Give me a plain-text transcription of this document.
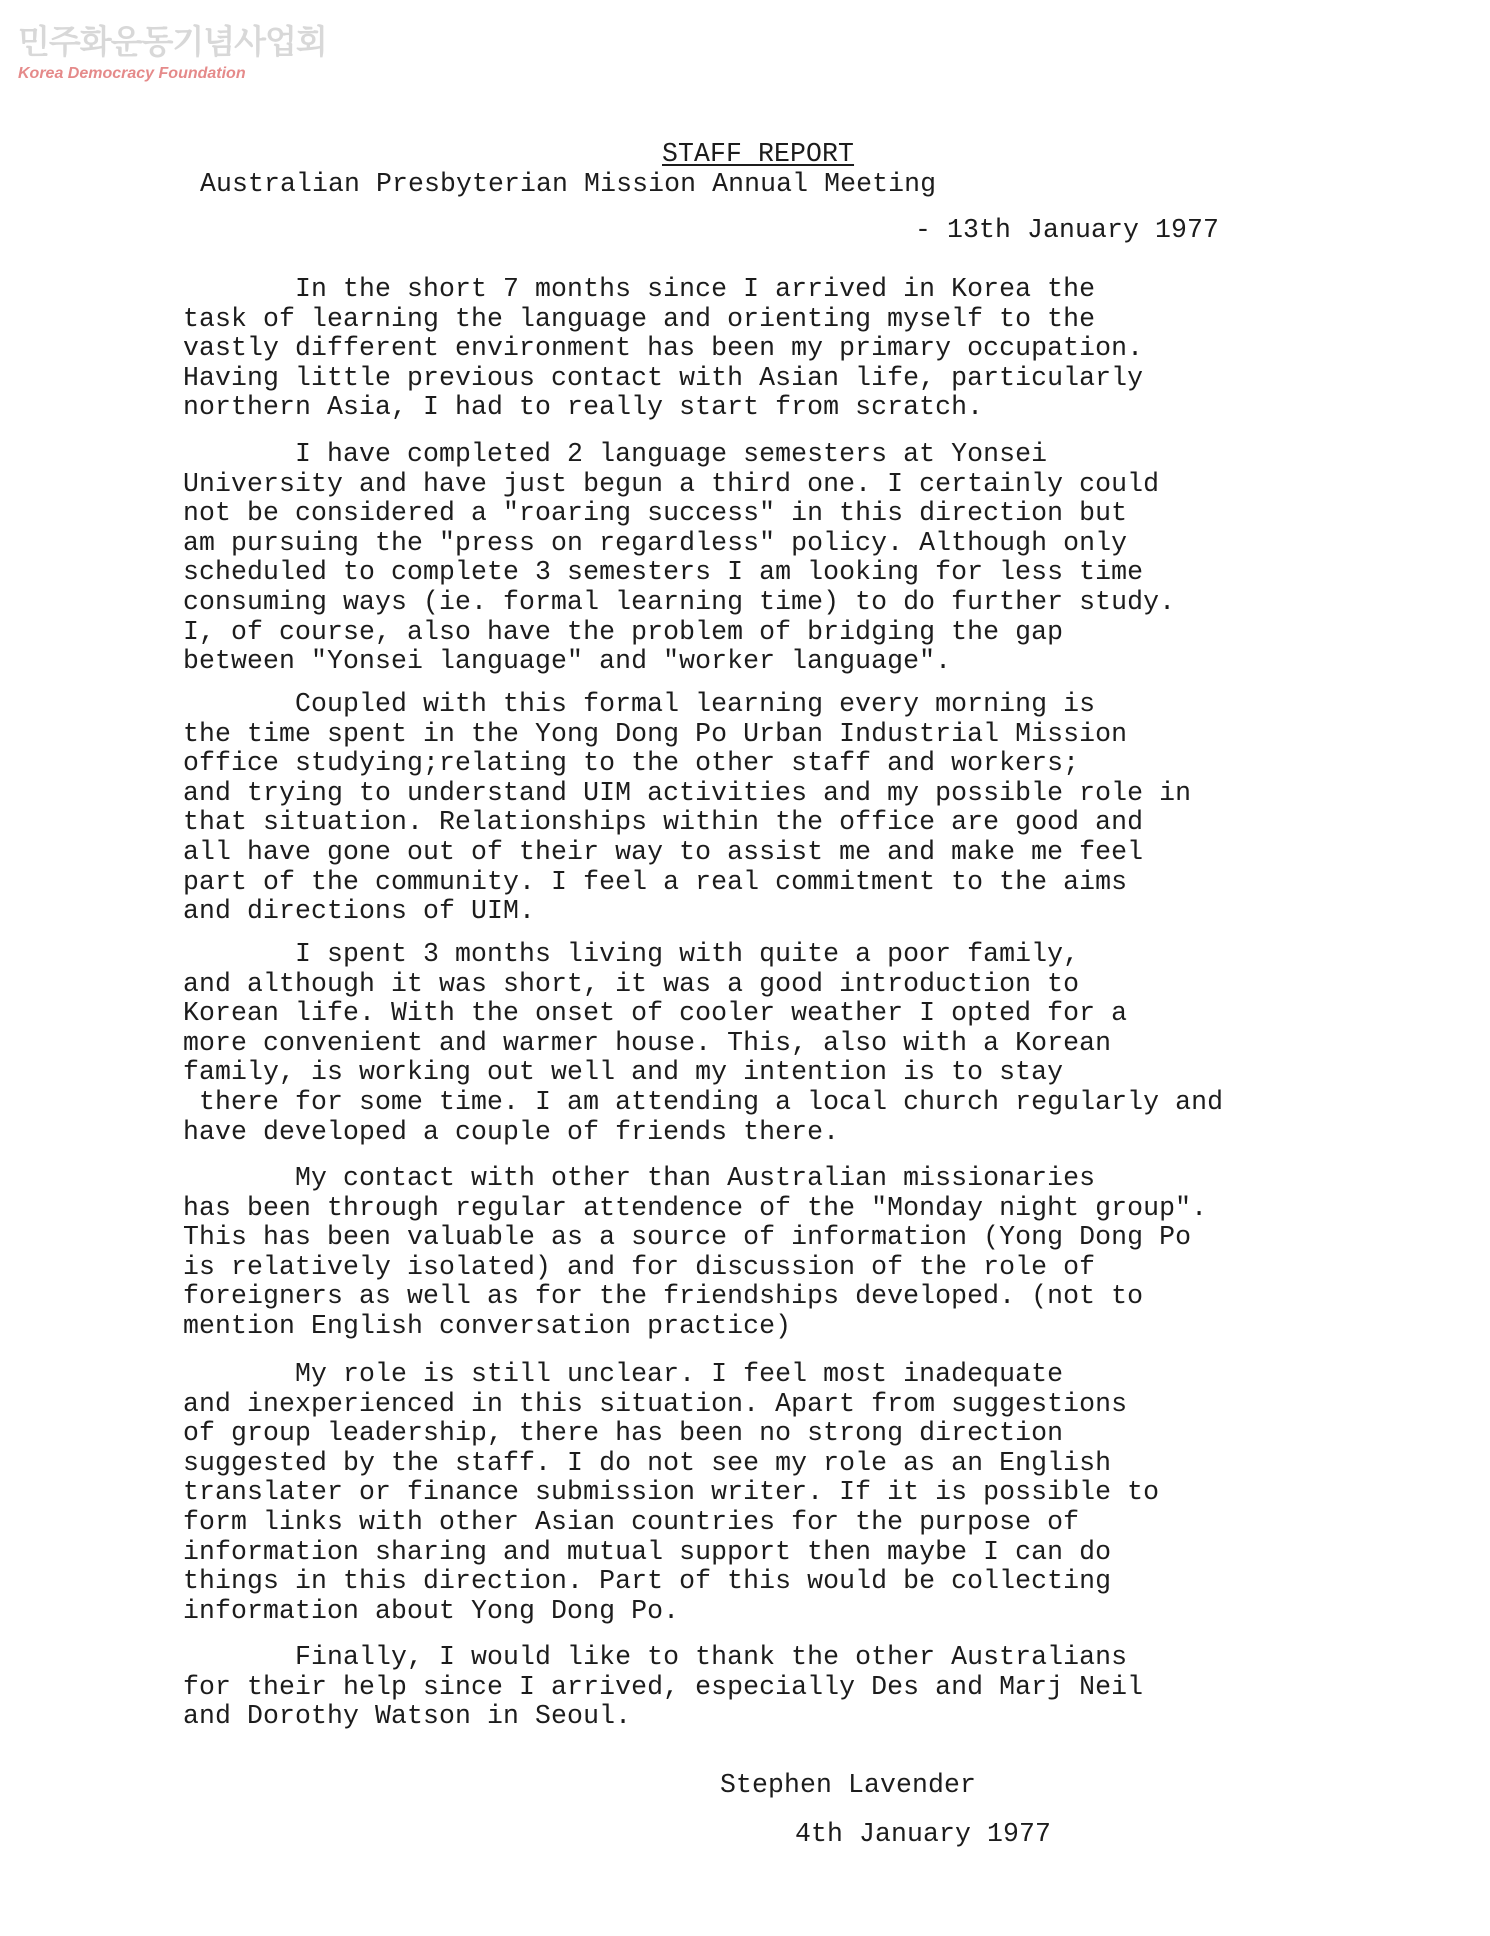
민주화운동기념사업회
Korea Democracy Foundation
STAFF REPORT
Australian Presbyterian Mission Annual Meeting
- 13th January 1977
In the short 7 months since I arrived in Korea the
task of learning the language and orienting myself to the
vastly different environment has been my primary occupation.
Having little previous contact with Asian life, particularly
northern Asia, I had to really start from scratch.
I have completed 2 language semesters at Yonsei
University and have just begun a third one. I certainly could
not be considered a "roaring success" in this direction but
am pursuing the "press on regardless" policy. Although only
scheduled to complete 3 semesters I am looking for less time
consuming ways (ie. formal learning time) to do further study.
I, of course, also have the problem of bridging the gap
between "Yonsei language" and "worker language".
Coupled with this formal learning every morning is
the time spent in the Yong Dong Po Urban Industrial Mission
office studying;relating to the other staff and workers;
and trying to understand UIM activities and my possible role in
that situation. Relationships within the office are good and
all have gone out of their way to assist me and make me feel
part of the community. I feel a real commitment to the aims
and directions of UIM.
I spent 3 months living with quite a poor family,
and although it was short, it was a good introduction to
Korean life. With the onset of cooler weather I opted for a
more convenient and warmer house. This, also with a Korean
family, is working out well and my intention is to stay
there for some time. I am attending a local church regularly and
have developed a couple of friends there.
My contact with other than Australian missionaries
has been through regular attendence of the "Monday night group".
This has been valuable as a source of information (Yong Dong Po
is relatively isolated) and for discussion of the role of
foreigners as well as for the friendships developed. (not to
mention English conversation practice)
My role is still unclear. I feel most inadequate
and inexperienced in this situation. Apart from suggestions
of group leadership, there has been no strong direction
suggested by the staff. I do not see my role as an English
translater or finance submission writer. If it is possible to
form links with other Asian countries for the purpose of
information sharing and mutual support then maybe I can do
things in this direction. Part of this would be collecting
information about Yong Dong Po.
Finally, I would like to thank the other Australians
for their help since I arrived, especially Des and Marj Neil
and Dorothy Watson in Seoul.
Stephen Lavender
4th January 1977
